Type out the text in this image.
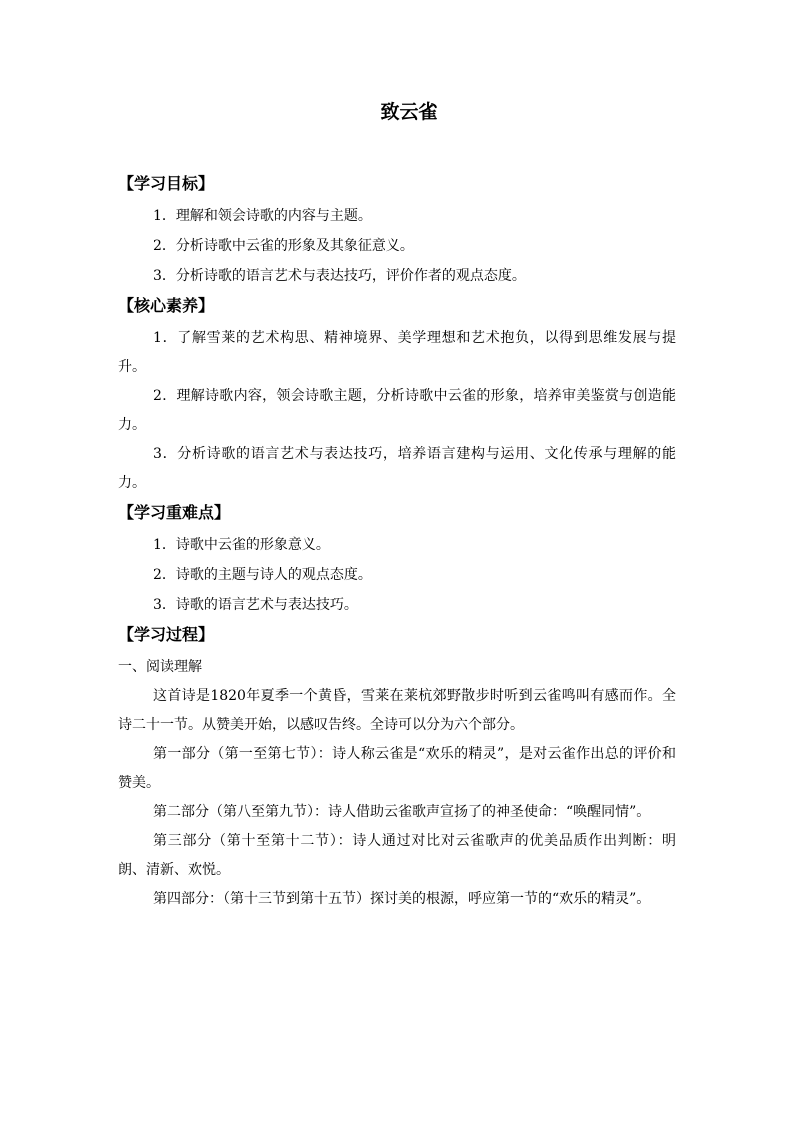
致云雀
【学习目标】
1．理解和领会诗歌的内容与主题。
2．分析诗歌中云雀的形象及其象征意义。
3．分析诗歌的语言艺术与表达技巧，评价作者的观点态度。
【核心素养】

1．了解雪莱的艺术构思、精神境界、美学理想和艺术抱负，以得到思维发展与提升。

2．理解诗歌内容，领会诗歌主题，分析诗歌中云雀的形象，培养审美鉴赏与创造能力。

3．分析诗歌的语言艺术与表达技巧，培养语言建构与运用、文化传承与理解的能力。

【学习重难点】
1．诗歌中云雀的形象意义。
2．诗歌的主题与诗人的观点态度。
3．诗歌的语言艺术与表达技巧。
【学习过程】

一、阅读理解

这首诗是1820年夏季一个黄昏，雪莱在莱杭郊野散步时听到云雀鸣叫有感而作。全诗二十一节。从赞美开始，以感叹告终。全诗可以分为六个部分。

第一部分（第一至第七节）：诗人称云雀是“欢乐的精灵”，是对云雀作出总的评价和赞美。

第二部分（第八至第九节）：诗人借助云雀歌声宣扬了的神圣使命：“唤醒同情”。

第三部分（第十至第十二节）：诗人通过对比对云雀歌声的优美品质作出判断：明朗、清新、欢悦。

第四部分：（第十三节到第十五节）探讨美的根源，呼应第一节的“欢乐的精灵”。
